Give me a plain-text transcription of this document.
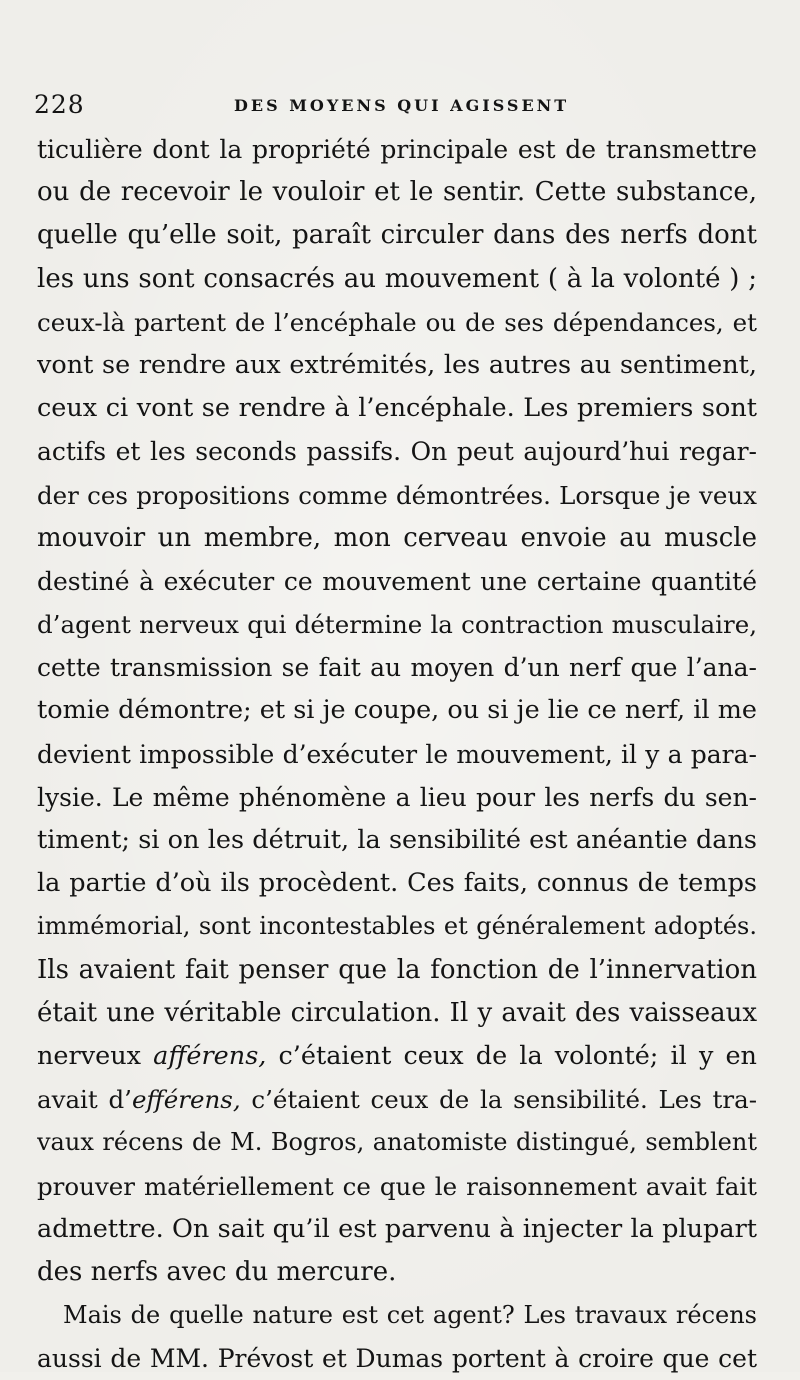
228	DES MOYENS QUI AGISSENT
ticulière dont la propriété principale est de transmettre
ou de recevoir le vouloir et le sentir. Cette substance,
quelle qu’elle soit, paraît circuler dans des nerfs dont
les uns sont consacrés au mouvement ( à la volonté ) ;
ceux-là partent de l’encéphale ou de ses dépendances, et
vont se rendre aux extrémités, les autres au sentiment,
ceux ci vont se rendre à l’encéphale. Les premiers sont
actifs et les seconds passifs. On peut aujourd’hui regar-
der ces propositions comme démontrées. Lorsque je veux
mouvoir un membre, mon cerveau envoie au muscle
destiné à exécuter ce mouvement une certaine quantité
d’agent nerveux qui détermine la contraction musculaire,
cette transmission se fait au moyen d’un nerf que l’ana-
tomie démontre; et si je coupe, ou si je lie ce nerf, il me
devient impossible d’exécuter le mouvement, il y a para-
lysie. Le même phénomène a lieu pour les nerfs du sen-
timent; si on les détruit, la sensibilité est anéantie dans
la partie d’où ils procèdent. Ces faits, connus de temps
immémorial, sont incontestables et généralement adoptés.
Ils avaient fait penser que la fonction de l’innervation
était une véritable circulation. Il y avait des vaisseaux
nerveux afférens, c’étaient ceux de la volonté; il y en
avait d’efférens, c’étaient ceux de la sensibilité. Les tra-
vaux récens de M. Bogros, anatomiste distingué, semblent
prouver matériellement ce que le raisonnement avait fait
admettre. On sait qu’il est parvenu à injecter la plupart
des nerfs avec du mercure.
Mais de quelle nature est cet agent? Les travaux récens
aussi de MM. Prévost et Dumas portent à croire que cet
